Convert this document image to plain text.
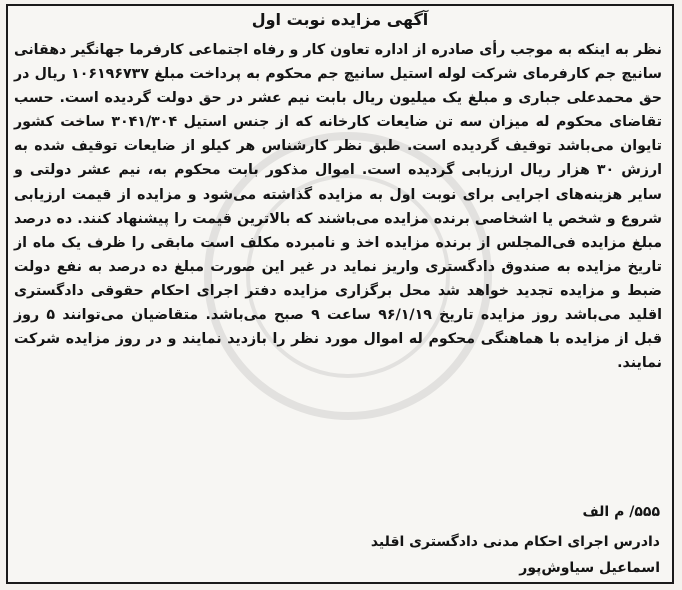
آگهی مزایده نوبت اول
نظر به اینکه به موجب رأی صادره از اداره تعاون کار و رفاه اجتماعی کارفرما جهانگیر دهقانی سانیچ جم کارفرمای شرکت لوله استیل سانیچ جم محکوم به پرداخت مبلغ ۱۰۶۱۹۶۷۳۷ ریال در حق محمدعلی جباری و مبلغ یک میلیون ریال بابت نیم عشر در حق دولت گردیده است. حسب تقاضای محکوم له میزان سه تن ضایعات کارخانه که از جنس استیل ۳۰۴۱/۳۰۴ ساخت کشور تایوان می‌باشد توقیف گردیده است. طبق نظر کارشناس هر کیلو از ضایعات توقیف شده به ارزش ۳۰ هزار ریال ارزیابی گردیده است. اموال مذکور بابت محکوم به، نیم عشر دولتی و سایر هزینه‌های اجرایی برای نوبت اول به مزایده گذاشته می‌شود و مزایده از قیمت ارزیابی شروع و شخص یا اشخاصی برنده مزایده می‌باشند که بالاترین قیمت را پیشنهاد کنند. ده درصد مبلغ مزایده فی‌المجلس از برنده مزایده اخذ و نامبرده مکلف است مابقی را ظرف یک ماه از تاریخ مزایده به صندوق دادگستری واریز نماید در غیر این صورت مبلغ ده درصد به نفع دولت ضبط و مزایده تجدید خواهد شد محل برگزاری مزایده دفتر اجرای احکام حقوقی دادگستری اقلید می‌باشد روز مزایده تاریخ ۹۶/۱/۱۹ ساعت ۹ صبح می‌باشد. متقاضیان می‌توانند ۵ روز قبل از مزایده با هماهنگی محکوم له اموال مورد نظر را بازدید نمایند و در روز مزایده شرکت نمایند.
۵۵۵/ م الف
دادرس اجرای احکام مدنی دادگستری اقلید
اسماعیل سیاوش‌پور
